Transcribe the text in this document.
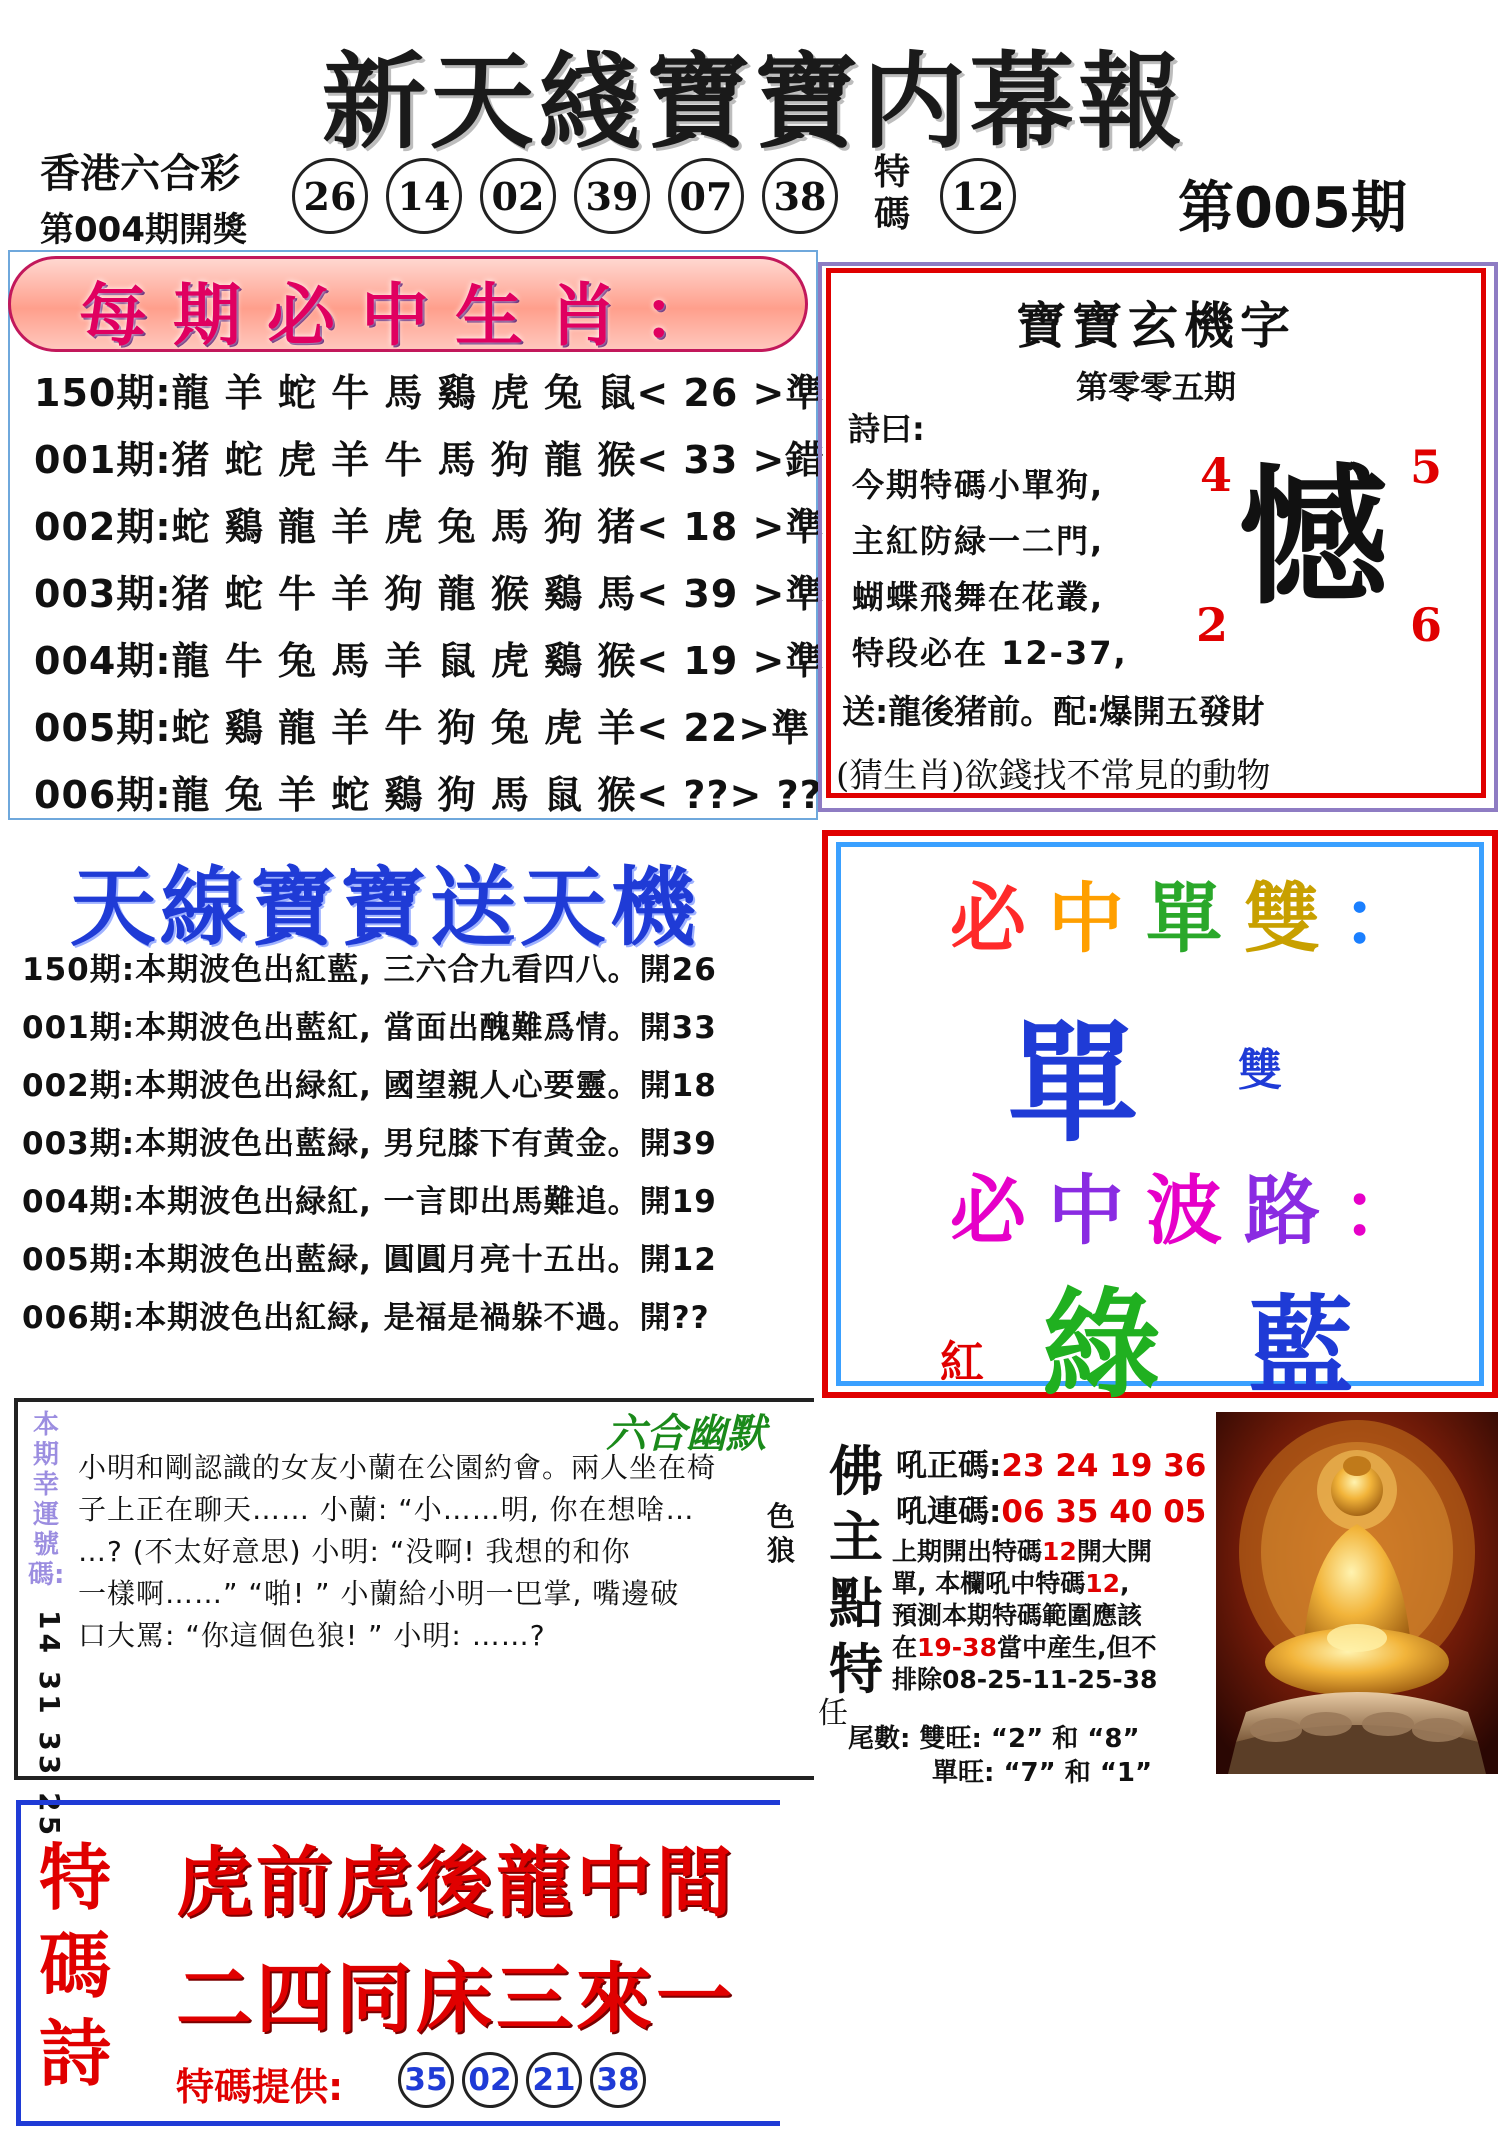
新天綫寶寶内幕報
香港六合彩
第004期開獎
26	14	02	39	07	38
特碼	12	第005期
每期必中生肖：
150期:龍 羊 蛇 牛 馬 鷄 虎 兔 鼠< 26 >準
001期:猪 蛇 虎 羊 牛 馬 狗 龍 猴< 33 >錯
002期:蛇 鷄 龍 羊 虎 兔 馬 狗 猪< 18 >準
003期:猪 蛇 牛 羊 狗 龍 猴 鷄 馬< 39 >準
004期:龍 牛 兔 馬 羊 鼠 虎 鷄 猴< 19 >準
005期:蛇 鷄 龍 羊 牛 狗 兔 虎 羊< 22>準
006期:龍 兔 羊 蛇 鷄 狗 馬 鼠 猴< ??> ??
寶寶玄機字
第零零五期
詩曰:
今期特碼小單狗,
主紅防緑一二門,
蝴蝶飛舞在花叢,
特段必在 12-37,
憾
4	5
2	6
送:龍後猪前。配:爆開五發財
(猜生肖)欲錢找不常見的動物
天線寶寶送天機
150期:本期波色出紅藍, 三六合九看四八。開26
001期:本期波色出藍紅, 當面出醜難爲情。開33
002期:本期波色出緑紅, 國望親人心要靈。開18
003期:本期波色出藍緑, 男兒膝下有黄金。開39
004期:本期波色出緑紅, 一言即出馬難追。開19
005期:本期波色出藍緑, 圓圓月亮十五出。開12
006期:本期波色出紅緑, 是福是禍躲不過。開??
必中單雙：
單 雙
必中波路：
紅 綠 藍
本期幸運號碼:
14 31 33 25
六合幽默
小明和剛認識的女友小蘭在公園約會。兩人坐在椅
子上正在聊天…… 小蘭: “小……明, 你在想啥…
…? (不太好意思) 小明: “没啊! 我想的和你
一樣啊……” “啪! ” 小蘭給小明一巴掌, 嘴邊破
口大罵: “你這個色狼! ” 小明: ……?
色狼
佛主點特
吼正碼:23 24 19 36
吼連碼:06 35 40 05
上期開出特碼12開大開
單, 本欄吼中特碼12,
預測本期特碼範圍應該
在19-38當中産生,但不
排除08-25-11-25-38
任
尾數: 雙旺: “2” 和 “8”
單旺: “7” 和 “1”
特碼詩
虎前虎後龍中間
二四同床三來一
特碼提供: 35 02 21 38
